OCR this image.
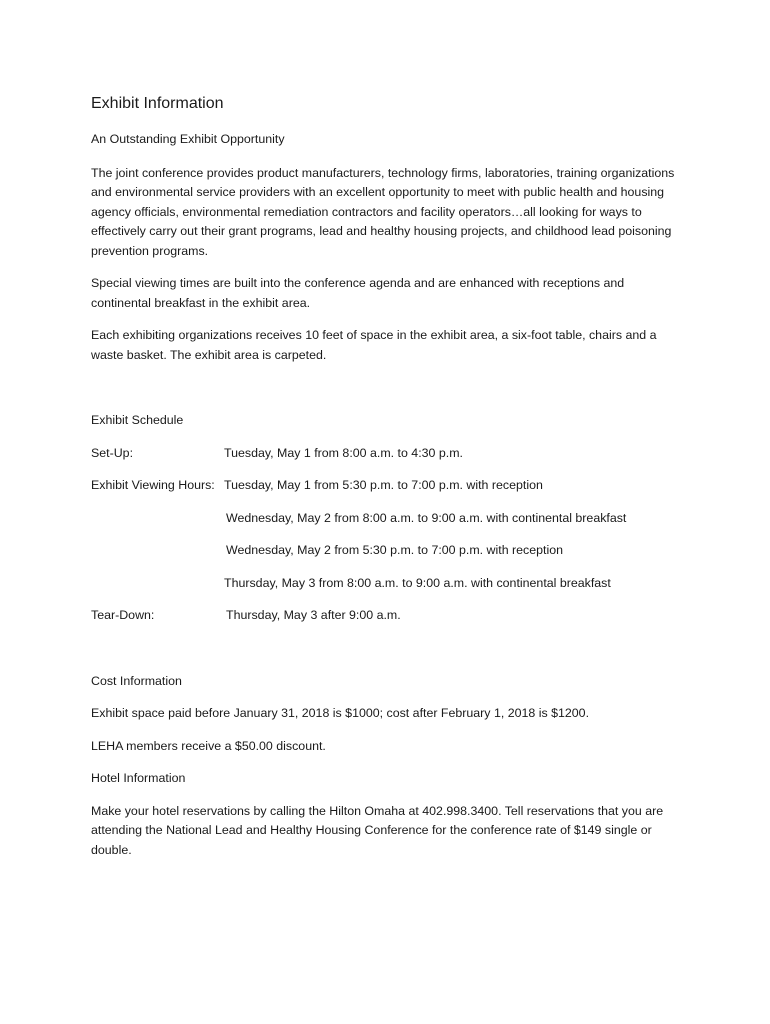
Exhibit Information
An Outstanding Exhibit Opportunity
The joint conference provides product manufacturers, technology firms, laboratories, training organizations and environmental service providers with an excellent opportunity to meet with public health and housing agency officials, environmental remediation contractors and facility operators…all looking for ways to effectively carry out their grant programs, lead and healthy housing projects, and childhood lead poisoning prevention programs.
Special viewing times are built into the conference agenda and are enhanced with receptions and continental breakfast in the exhibit area.
Each exhibiting organizations receives 10 feet of space in the exhibit area, a six-foot table, chairs and a waste basket. The exhibit area is carpeted.
Exhibit Schedule
Set-Up:	Tuesday, May 1 from 8:00 a.m. to 4:30 p.m.
Exhibit Viewing Hours: Tuesday, May 1 from 5:30 p.m. to 7:00 p.m. with reception
Wednesday, May 2 from 8:00 a.m. to 9:00 a.m. with continental breakfast
Wednesday, May 2 from 5:30 p.m. to 7:00 p.m. with reception
Thursday, May 3 from 8:00 a.m. to 9:00 a.m. with continental breakfast
Tear-Down:	Thursday, May 3 after 9:00 a.m.
Cost Information
Exhibit space paid before January 31, 2018 is $1000; cost after February 1, 2018 is $1200.
LEHA members receive a $50.00 discount.
Hotel Information
Make your hotel reservations by calling the Hilton Omaha at 402.998.3400. Tell reservations that you are attending the National Lead and Healthy Housing Conference for the conference rate of $149 single or double.
